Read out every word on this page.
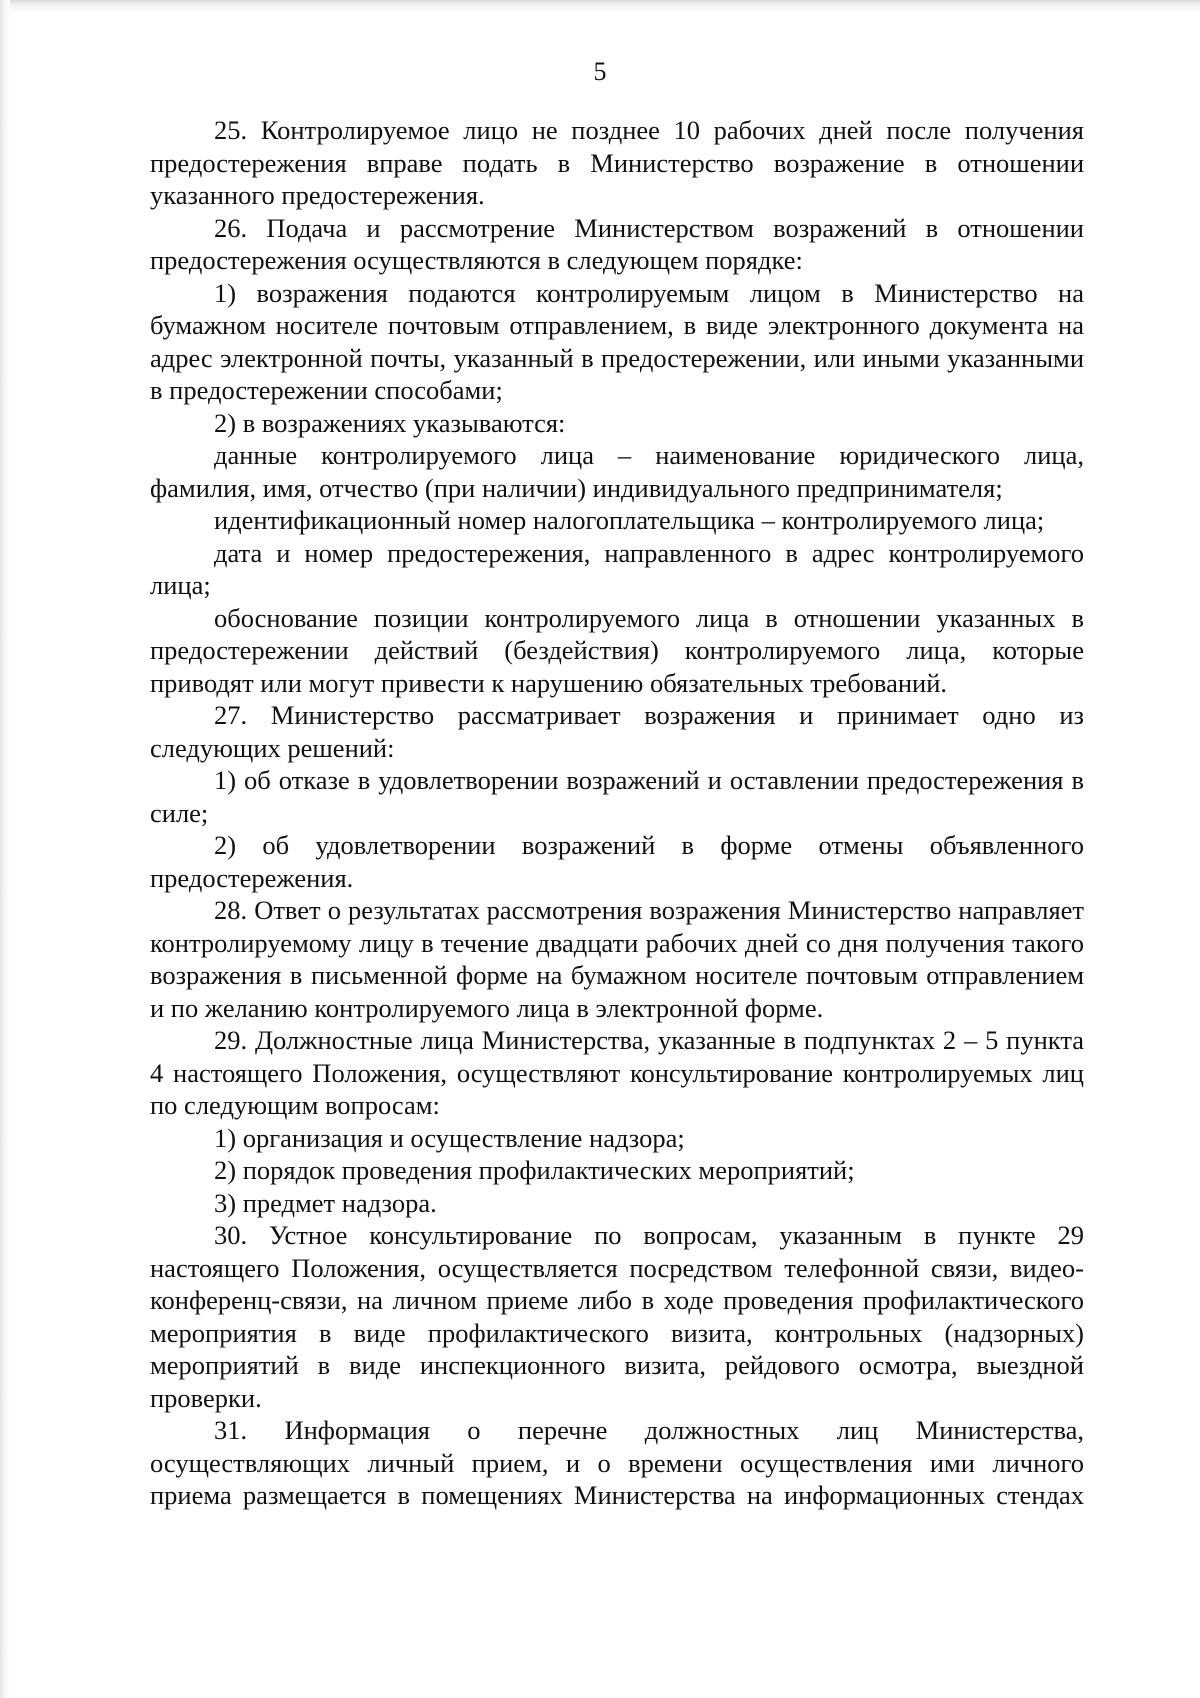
5

25. Контролируемое лицо не позднее 10 рабочих дней после получения предостережения вправе подать в Министерство возражение в отношении указанного предостережения.

26. Подача и рассмотрение Министерством возражений в отношении предостережения осуществляются в следующем порядке:

1) возражения подаются контролируемым лицом в Министерство на бумажном носителе почтовым отправлением, в виде электронного документа на адрес электронной почты, указанный в предостережении, или иными указанными в предостережении способами;

2) в возражениях указываются:

данные контролируемого лица – наименование юридического лица, фамилия, имя, отчество (при наличии) индивидуального предпринимателя;

идентификационный номер налогоплательщика – контролируемого лица;

дата и номер предостережения, направленного в адрес контролируемого лица;

обоснование позиции контролируемого лица в отношении указанных в предостережении действий (бездействия) контролируемого лица, которые приводят или могут привести к нарушению обязательных требований.

27. Министерство рассматривает возражения и принимает одно из следующих решений:

1) об отказе в удовлетворении возражений и оставлении предостережения в силе;

2) об удовлетворении возражений в форме отмены объявленного предостережения.

28. Ответ о результатах рассмотрения возражения Министерство направляет контролируемому лицу в течение двадцати рабочих дней со дня получения такого возражения в письменной форме на бумажном носителе почтовым отправлением и по желанию контролируемого лица в электронной форме.

29. Должностные лица Министерства, указанные в подпунктах 2 – 5 пункта 4 настоящего Положения, осуществляют консультирование контролируемых лиц по следующим вопросам:

1) организация и осуществление надзора;

2) порядок проведения профилактических мероприятий;

3) предмет надзора.

30. Устное консультирование по вопросам, указанным в пункте 29 настоящего Положения, осуществляется посредством телефонной связи, видео-конференц-связи, на личном приеме либо в ходе проведения профилактического мероприятия в виде профилактического визита, контрольных (надзорных) мероприятий в виде инспекционного визита, рейдового осмотра, выездной проверки.

31. Информация о перечне должностных лиц Министерства, осуществляющих личный прием, и о времени осуществления ими личного приема размещается в помещениях Министерства на информационных стендах
